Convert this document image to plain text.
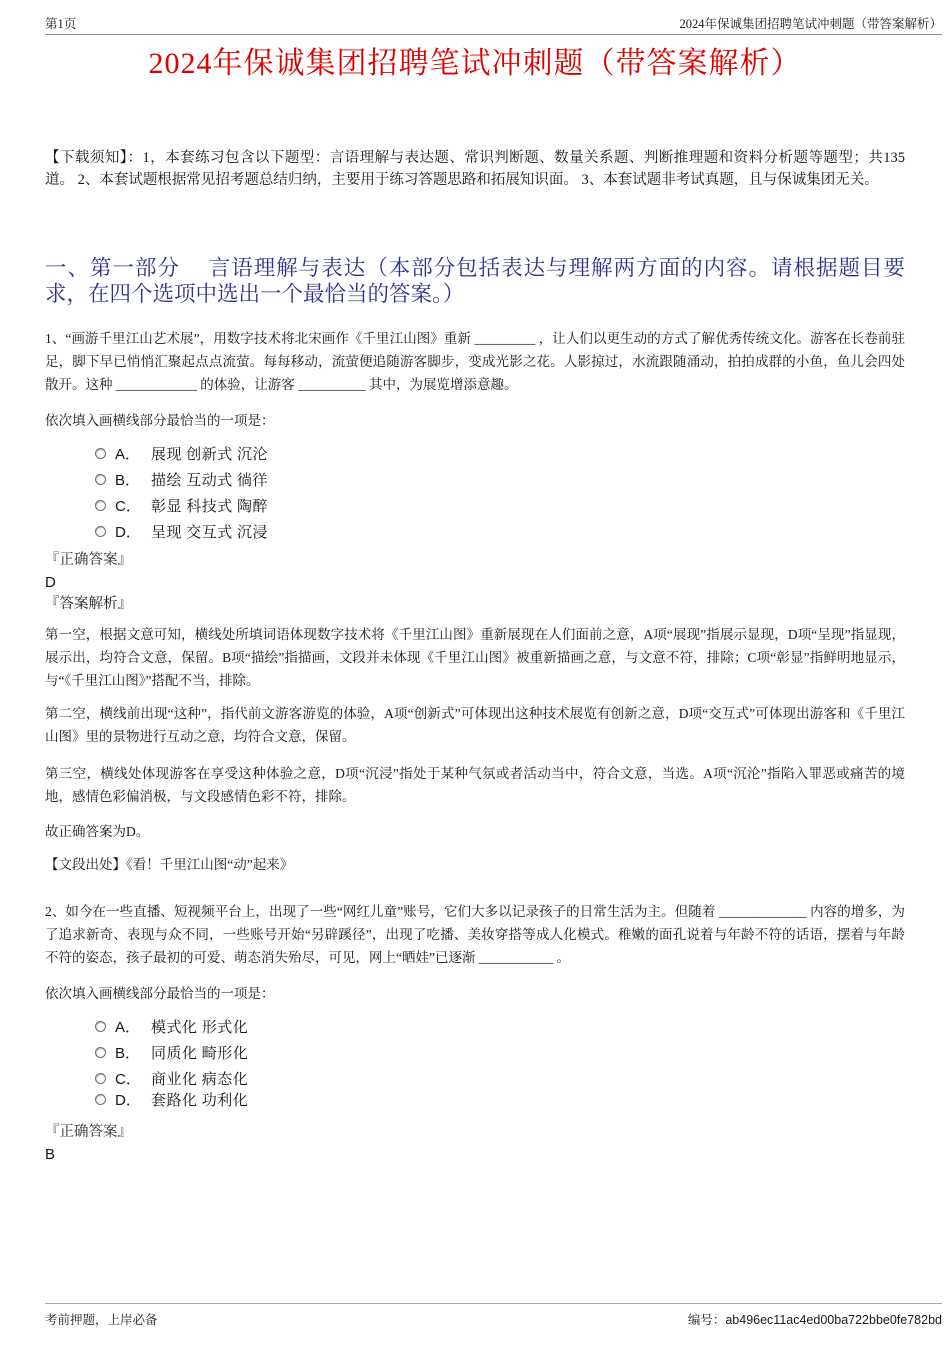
第1页	2024年保诚集团招聘笔试冲刺题（带答案解析）
2024年保诚集团招聘笔试冲刺题（带答案解析）

【下载须知】：1，本套练习包含以下题型：言语理解与表达题、常识判断题、数量关系题、判断推理题和资料分析题等题型；共135道。 2、本套试题根据常见招考题总结归纳，主要用于练习答题思路和拓展知识面。 3、本套试题非考试真题，且与保诚集团无关。

一、第一部分　 言语理解与表达（本部分包括表达与理解两方面的内容。请根据题目要求，在四个选项中选出一个最恰当的答案。）

1、“画游千里江山艺术展”，用数字技术将北宋画作《千里江山图》重新 _________ ，让人们以更生动的方式了解优秀传统文化。游客在长卷前驻足，脚下早已悄悄汇聚起点点流萤。每每移动，流萤便追随游客脚步，变成光影之花。人影掠过，水流跟随涌动，拍拍成群的小鱼，鱼儿会四处散开。这种 ____________ 的体验，让游客 __________ 其中，为展览增添意趣。

依次填入画横线部分最恰当的一项是：

A． 展现 创新式 沉沦
B． 描绘 互动式 徜徉
C． 彰显 科技式 陶醉
D． 呈现 交互式 沉浸
『正确答案』
D
『答案解析』

第一空，根据文意可知，横线处所填词语体现数字技术将《千里江山图》重新展现在人们面前之意，A项“展现”指展示显现，D项“呈现”指显现，展示出，均符合文意，保留。B项“描绘”指描画，文段并未体现《千里江山图》被重新描画之意，与文意不符，排除；C项“彰显”指鲜明地显示，与“《千里江山图》”搭配不当，排除。

第二空，横线前出现“这种”，指代前文游客游览的体验，A项“创新式”可体现出这种技术展览有创新之意，D项“交互式”可体现出游客和《千里江山图》里的景物进行互动之意，均符合文意，保留。

第三空，横线处体现游客在享受这种体验之意，D项“沉浸”指处于某种气氛或者活动当中，符合文意，当选。A项“沉沦”指陷入罪恶或痛苦的境地，感情色彩偏消极，与文段感情色彩不符，排除。

故正确答案为D。

【文段出处】《看！千里江山图“动”起来》

2、如今在一些直播、短视频平台上，出现了一些“网红儿童”账号，它们大多以记录孩子的日常生活为主。但随着 _____________ 内容的增多，为了追求新奇、表现与众不同，一些账号开始“另辟蹊径”，出现了吃播、美妆穿搭等成人化模式。稚嫩的面孔说着与年龄不符的话语，摆着与年龄不符的姿态，孩子最初的可爱、萌态消失殆尽，可见，网上“晒娃”已逐渐 ___________ 。

依次填入画横线部分最恰当的一项是：

A． 模式化 形式化
B． 同质化 畸形化
C． 商业化 病态化
D． 套路化 功利化
『正确答案』
B
考前押题，上岸必备	编号：ab496ec11ac4ed00ba722bbe0fe782bd
